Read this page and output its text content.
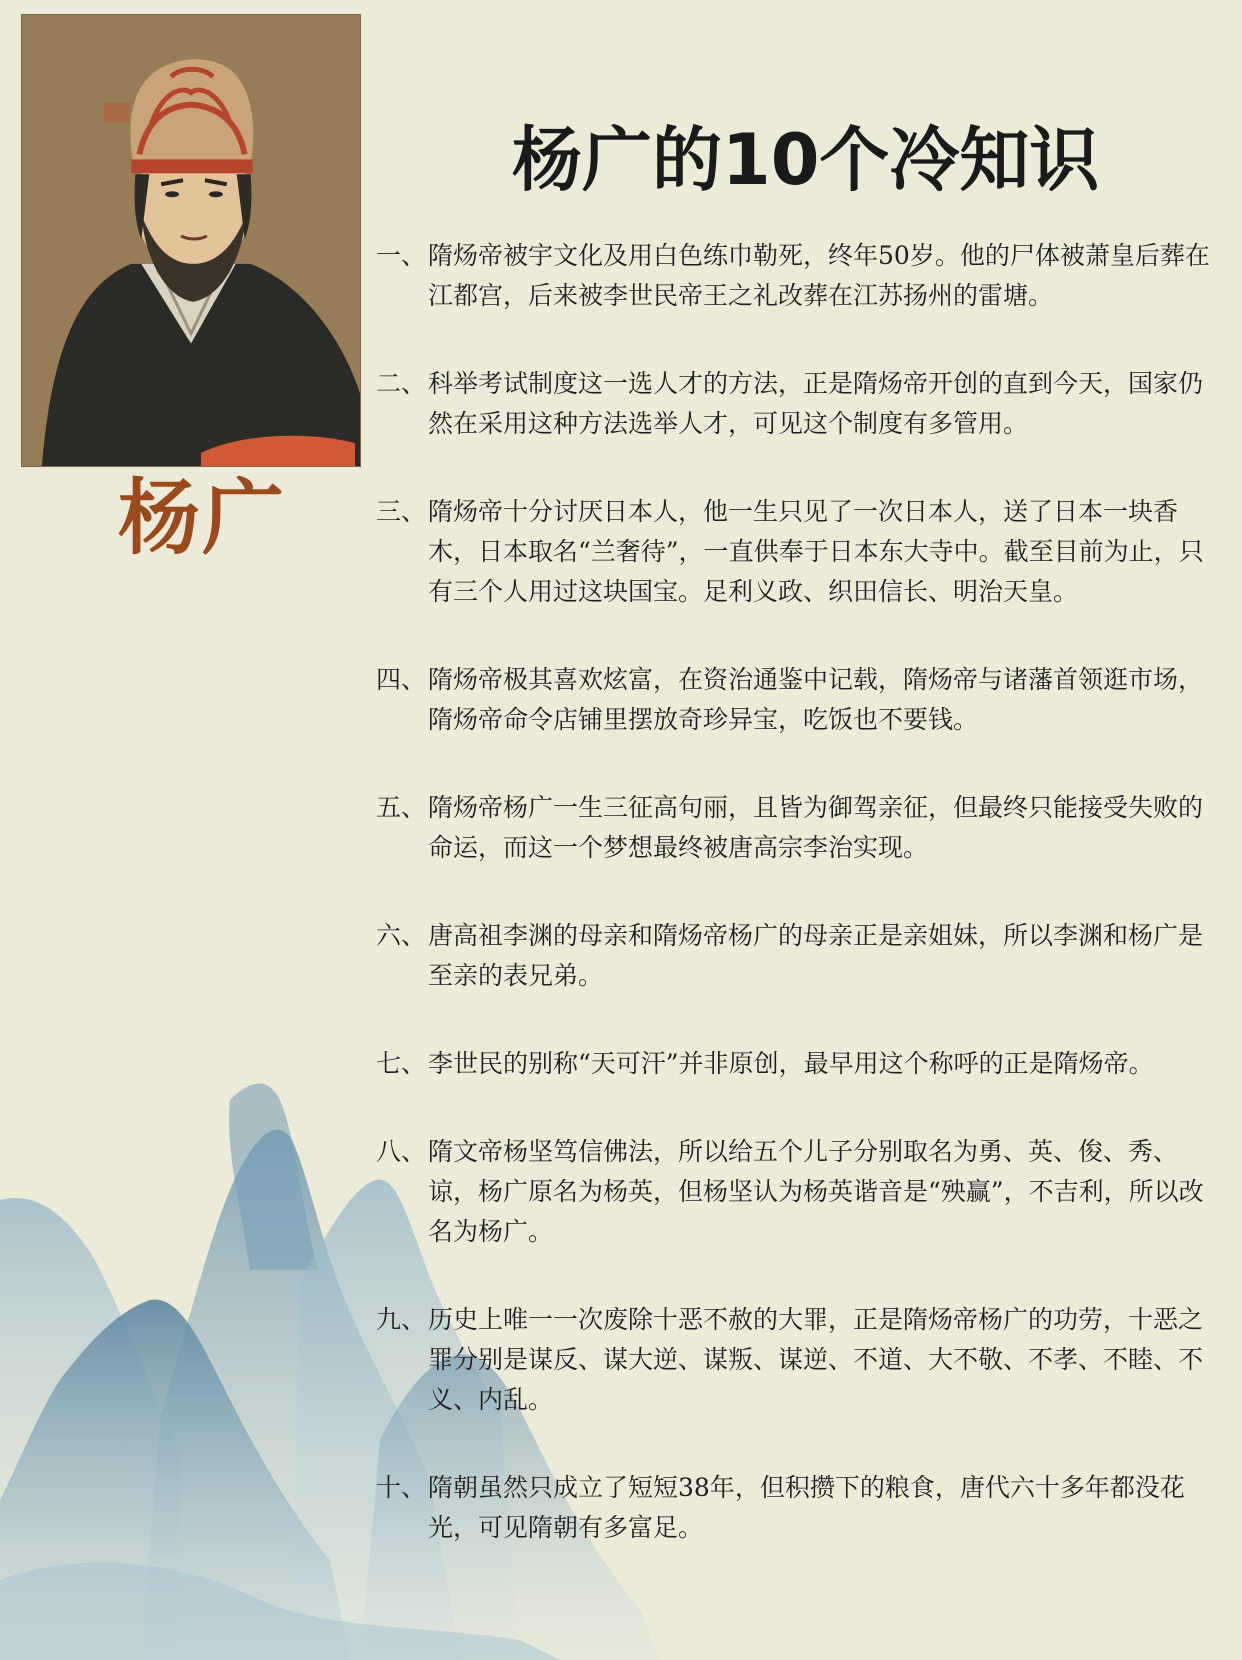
杨广
杨广的10个冷知识
一、 隋炀帝被宇文化及用白色练巾勒死，终年50岁。他的尸体被萧皇后葬在江都宫，后来被李世民帝王之礼改葬在江苏扬州的雷塘。
二、 科举考试制度这一选人才的方法，正是隋炀帝开创的直到今天，国家仍然在采用这种方法选举人才，可见这个制度有多管用。
三、 隋炀帝十分讨厌日本人，他一生只见了一次日本人，送了日本一块香木，日本取名“兰奢待”，一直供奉于日本东大寺中。截至目前为止，只有三个人用过这块国宝。足利义政、织田信长、明治天皇。
四、 隋炀帝极其喜欢炫富，在资治通鉴中记载，隋炀帝与诸藩首领逛市场，隋炀帝命令店铺里摆放奇珍异宝，吃饭也不要钱。
五、 隋炀帝杨广一生三征高句丽，且皆为御驾亲征，但最终只能接受失败的命运，而这一个梦想最终被唐高宗李治实现。
六、 唐高祖李渊的母亲和隋炀帝杨广的母亲正是亲姐妹，所以李渊和杨广是至亲的表兄弟。
七、 李世民的别称“天可汗”并非原创，最早用这个称呼的正是隋炀帝。
八、 隋文帝杨坚笃信佛法，所以给五个儿子分别取名为勇、英、俊、秀、谅，杨广原名为杨英，但杨坚认为杨英谐音是“殃赢”，不吉利，所以改名为杨广。
九、 历史上唯一一次废除十恶不赦的大罪，正是隋炀帝杨广的功劳，十恶之罪分别是谋反、谋大逆、谋叛、谋逆、不道、大不敬、不孝、不睦、不义、内乱。
十、 隋朝虽然只成立了短短38年，但积攒下的粮食，唐代六十多年都没花光，可见隋朝有多富足。
